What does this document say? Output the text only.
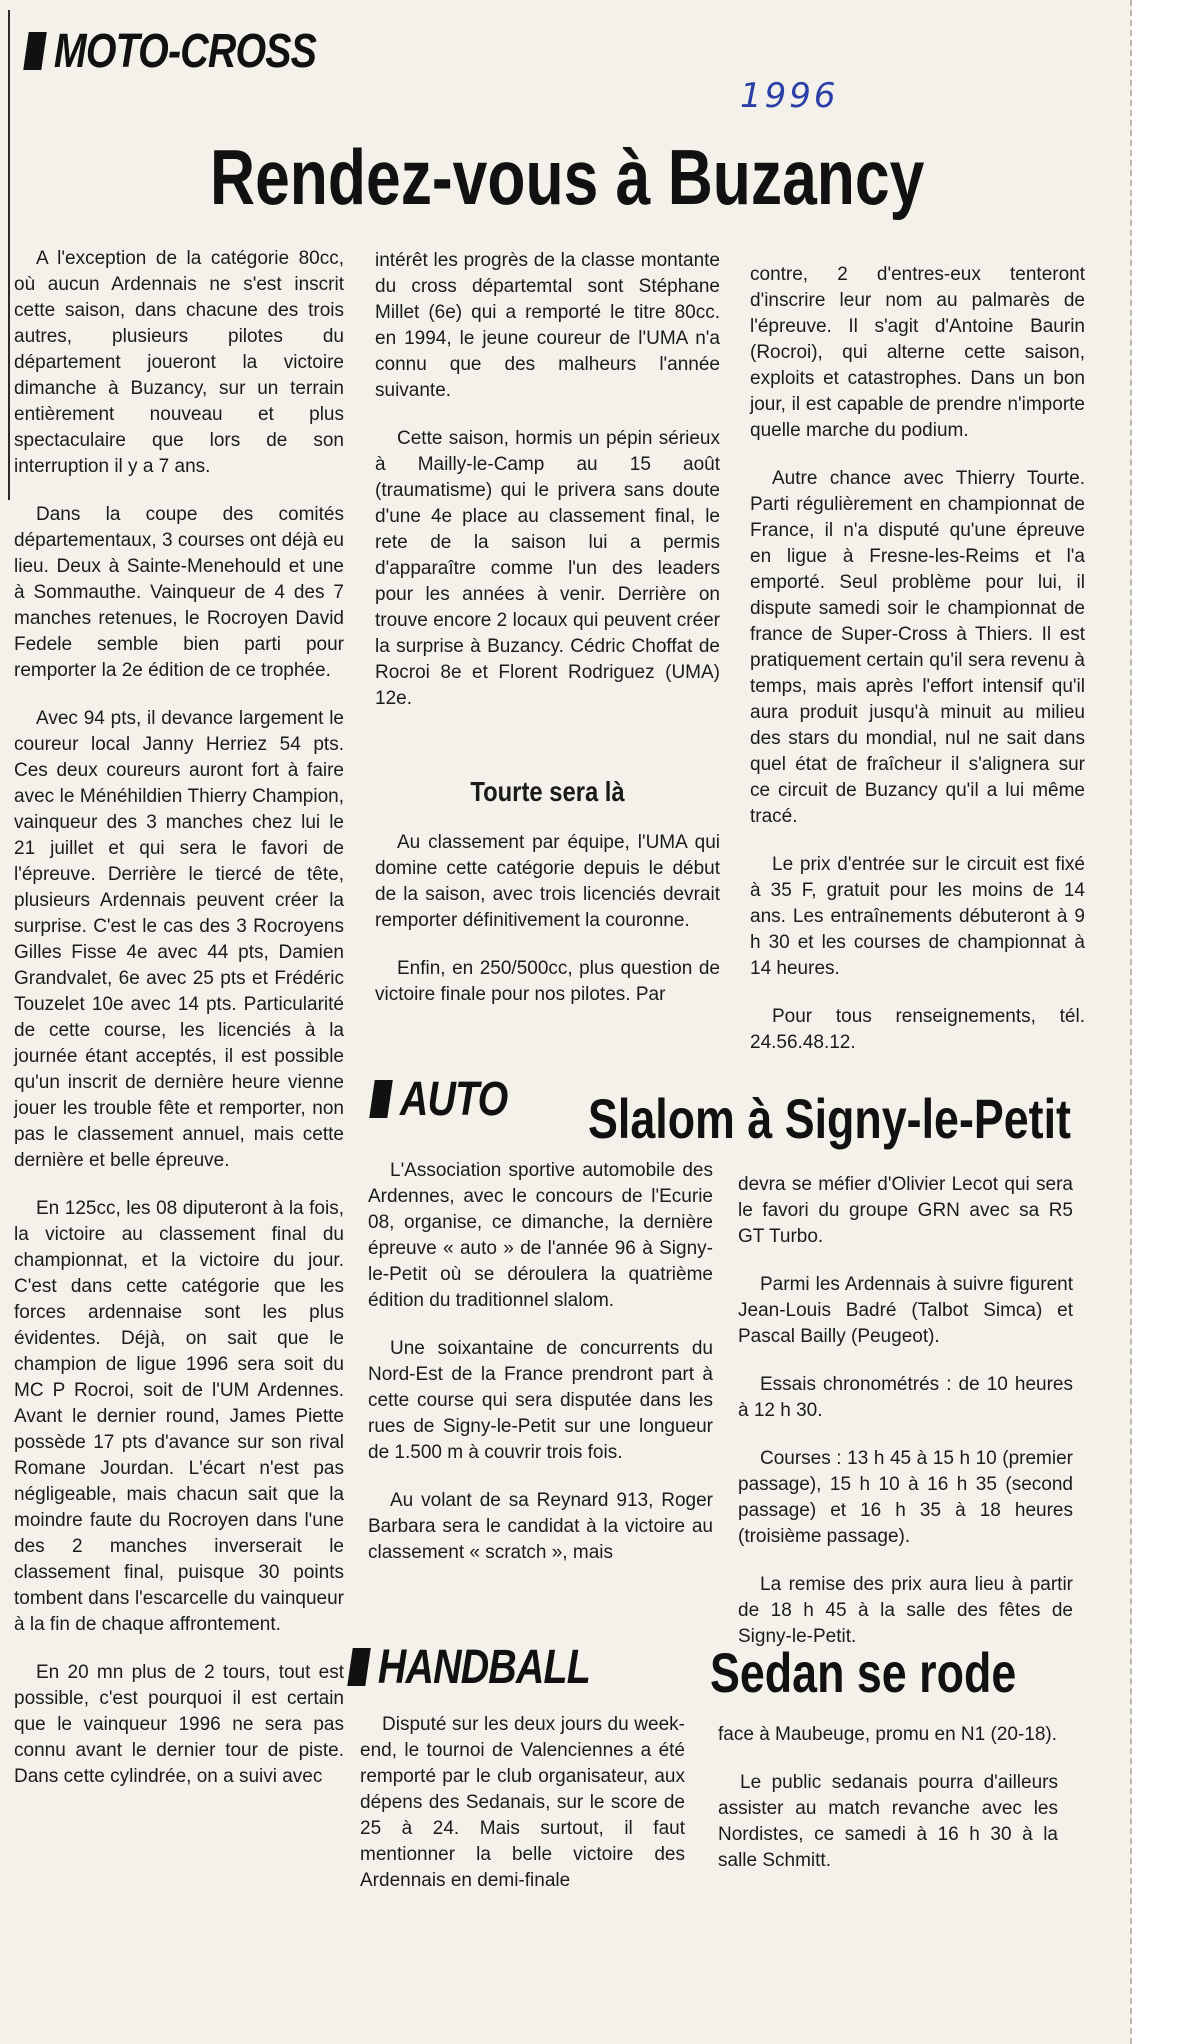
MOTO-CROSS
1996
Rendez-vous à Buzancy

A l'exception de la catégorie 80cc, où aucun Ardennais ne s'est inscrit cette saison, dans chacune des trois autres, plusieurs pilotes du département joueront la victoire dimanche à Buzancy, sur un terrain entièrement nouveau et plus spectaculaire que lors de son interruption il y a 7 ans.

Dans la coupe des comités départementaux, 3 courses ont déjà eu lieu. Deux à Sainte-Menehould et une à Sommauthe. Vainqueur de 4 des 7 manches retenues, le Rocroyen David Fedele semble bien parti pour remporter la 2e édition de ce trophée.

Avec 94 pts, il devance largement le coureur local Janny Herriez 54 pts. Ces deux coureurs auront fort à faire avec le Ménéhildien Thierry Champion, vainqueur des 3 manches chez lui le 21 juillet et qui sera le favori de l'épreuve. Derrière le tiercé de tête, plusieurs Ardennais peuvent créer la surprise. C'est le cas des 3 Rocroyens Gilles Fisse 4e avec 44 pts, Damien Grandvalet, 6e avec 25 pts et Frédéric Touzelet 10e avec 14 pts. Particularité de cette course, les licenciés à la journée étant acceptés, il est possible qu'un inscrit de dernière heure vienne jouer les trouble fête et remporter, non pas le classement annuel, mais cette dernière et belle épreuve.

En 125cc, les 08 diputeront à la fois, la victoire au classement final du championnat, et la victoire du jour. C'est dans cette catégorie que les forces ardennaise sont les plus évidentes. Déjà, on sait que le champion de ligue 1996 sera soit du MC P Rocroi, soit de l'UM Ardennes. Avant le dernier round, James Piette possède 17 pts d'avance sur son rival Romane Jourdan. L'écart n'est pas négligeable, mais chacun sait que la moindre faute du Rocroyen dans l'une des 2 manches inverserait le classement final, puisque 30 points tombent dans l'escarcelle du vainqueur à la fin de chaque affrontement.

En 20 mn plus de 2 tours, tout est possible, c'est pourquoi il est certain que le vainqueur 1996 ne sera pas connu avant le dernier tour de piste. Dans cette cylindrée, on a suivi avec

intérêt les progrès de la classe montante du cross départemtal sont Stéphane Millet (6e) qui a remporté le titre 80cc. en 1994, le jeune coureur de l'UMA n'a connu que des malheurs l'année suivante.

Cette saison, hormis un pépin sérieux à Mailly-le-Camp au 15 août (traumatisme) qui le privera sans doute d'une 4e place au classement final, le rete de la saison lui a permis d'apparaître comme l'un des leaders pour les années à venir. Derrière on trouve encore 2 locaux qui peuvent créer la surprise à Buzancy. Cédric Choffat de Rocroi 8e et Florent Rodriguez (UMA) 12e.

Tourte sera là

Au classement par équipe, l'UMA qui domine cette catégorie depuis le début de la saison, avec trois licenciés devrait remporter définitivement la couronne.

Enfin, en 250/500cc, plus question de victoire finale pour nos pilotes. Par

contre, 2 d'entres-eux tenteront d'inscrire leur nom au palmarès de l'épreuve. Il s'agit d'Antoine Baurin (Rocroi), qui alterne cette saison, exploits et catastrophes. Dans un bon jour, il est capable de prendre n'importe quelle marche du podium.

Autre chance avec Thierry Tourte. Parti régulièrement en championnat de France, il n'a disputé qu'une épreuve en ligue à Fresne-les-Reims et l'a emporté. Seul problème pour lui, il dispute samedi soir le championnat de france de Super-Cross à Thiers. Il est pratiquement certain qu'il sera revenu à temps, mais après l'effort intensif qu'il aura produit jusqu'à minuit au milieu des stars du mondial, nul ne sait dans quel état de fraîcheur il s'alignera sur ce circuit de Buzancy qu'il a lui même tracé.

Le prix d'entrée sur le circuit est fixé à 35 F, gratuit pour les moins de 14 ans. Les entraînements débuteront à 9 h 30 et les courses de championnat à 14 heures.

Pour tous renseignements, tél. 24.56.48.12.

AUTO Slalom à Signy-le-Petit

L'Association sportive automobile des Ardennes, avec le concours de l'Ecurie 08, organise, ce dimanche, la dernière épreuve « auto » de l'année 96 à Signy-le-Petit où se déroulera la quatrième édition du traditionnel slalom.

Une soixantaine de concurrents du Nord-Est de la France prendront part à cette course qui sera disputée dans les rues de Signy-le-Petit sur une longueur de 1.500 m à couvrir trois fois.

Au volant de sa Reynard 913, Roger Barbara sera le candidat à la victoire au classement « scratch », mais

devra se méfier d'Olivier Lecot qui sera le favori du groupe GRN avec sa R5 GT Turbo.

Parmi les Ardennais à suivre figurent Jean-Louis Badré (Talbot Simca) et Pascal Bailly (Peugeot).

Essais chronométrés : de 10 heures à 12 h 30.

Courses : 13 h 45 à 15 h 10 (premier passage), 15 h 10 à 16 h 35 (second passage) et 16 h 35 à 18 heures (troisième passage).

La remise des prix aura lieu à partir de 18 h 45 à la salle des fêtes de Signy-le-Petit.

HANDBALL Sedan se rode

Disputé sur les deux jours du week-end, le tournoi de Valenciennes a été remporté par le club organisateur, aux dépens des Sedanais, sur le score de 25 à 24. Mais surtout, il faut mentionner la belle victoire des Ardennais en demi-finale

face à Maubeuge, promu en N1 (20-18).

Le public sedanais pourra d'ailleurs assister au match revanche avec les Nordistes, ce samedi à 16 h 30 à la salle Schmitt.
